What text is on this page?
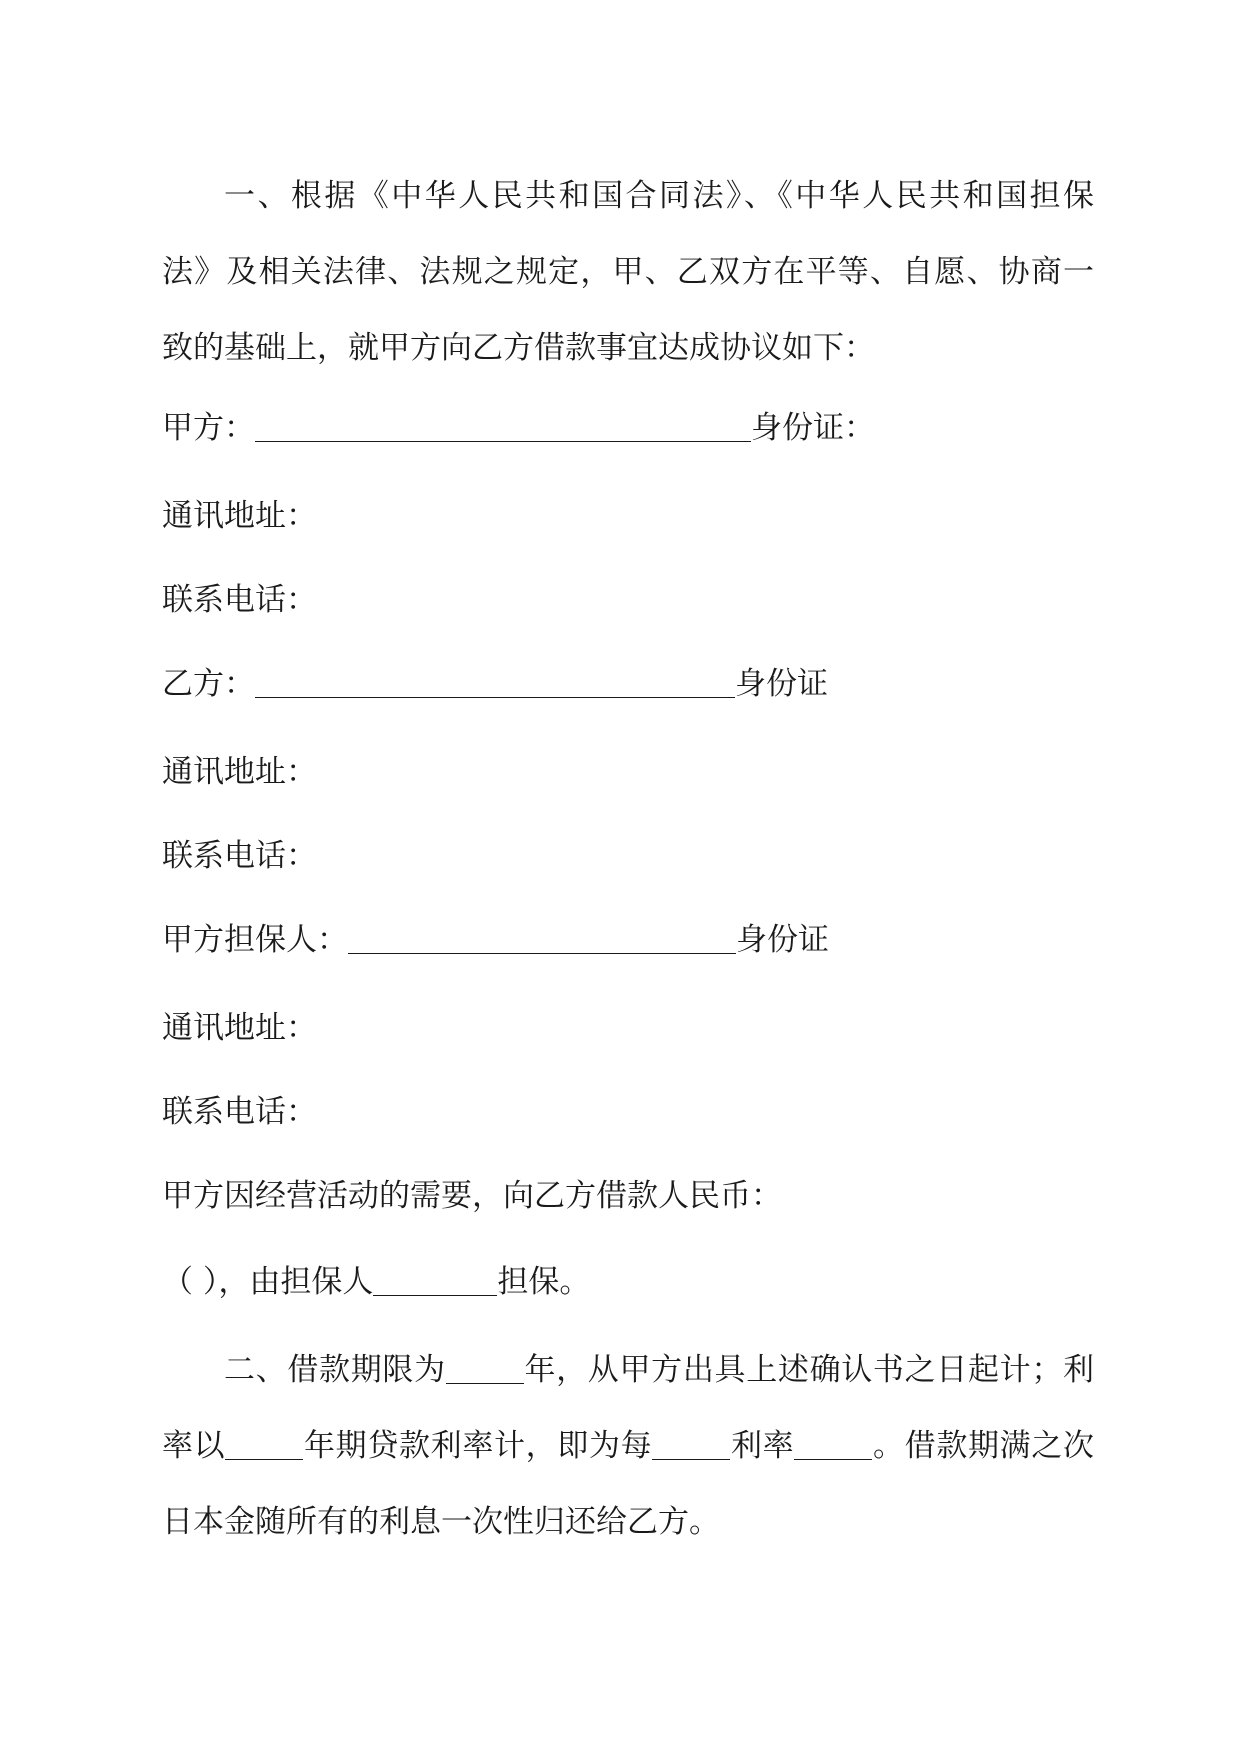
一、根据《中华人民共和国合同法》、《中华人民共和国担保
法》及相关法律、法规之规定，甲、乙双方在平等、自愿、协商一
致的基础上，就甲方向乙方借款事宜达成协议如下：
甲方：	身份证：
通讯地址：
联系电话：
乙方：	身份证
通讯地址：
联系电话：
甲方担保人：	身份证
通讯地址：
联系电话：
甲方因经营活动的需要，向乙方借款人民币：
（ ），由担保人	担保。
二、借款期限为	年，从甲方出具上述确认书之日起计；利
率以	年期贷款利率计，即为每	利率	。借款期满之次
日本金随所有的利息一次性归还给乙方。
